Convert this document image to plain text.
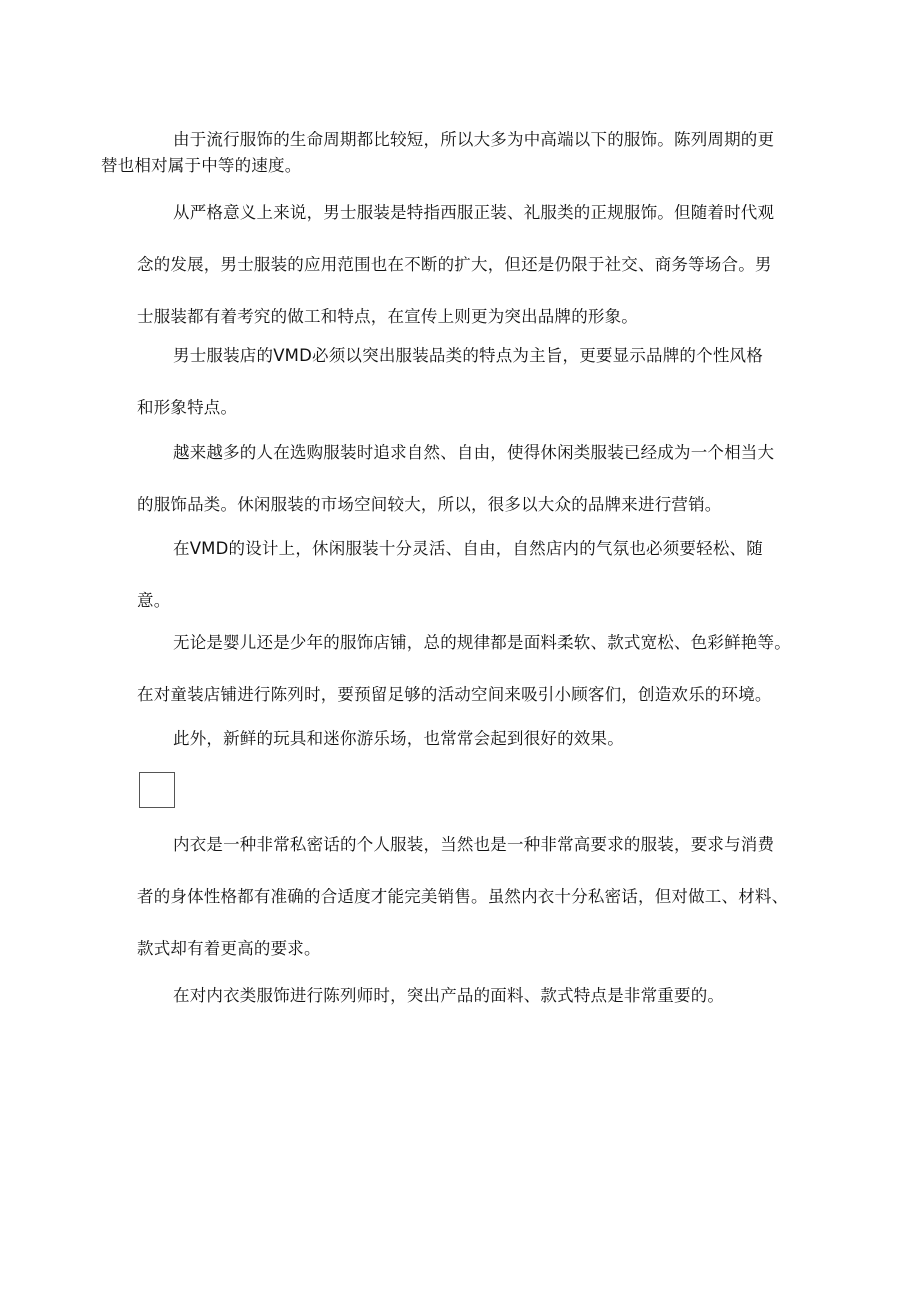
由于流行服饰的生命周期都比较短，所以大多为中高端以下的服饰。陈列周期的更
替也相对属于中等的速度。

从严格意义上来说，男士服装是特指西服正装、礼服类的正规服饰。但随着时代观
念的发展，男士服装的应用范围也在不断的扩大，但还是仍限于社交、商务等场合。男
士服装都有着考究的做工和特点，在宣传上则更为突出品牌的形象。

男士服装店的VMD必须以突出服装品类的特点为主旨，更要显示品牌的个性风格
和形象特点。

越来越多的人在选购服装时追求自然、自由，使得休闲类服装已经成为一个相当大
的服饰品类。休闲服装的市场空间较大，所以，很多以大众的品牌来进行营销。

在VMD的设计上，休闲服装十分灵活、自由，自然店内的气氛也必须要轻松、随
意。

无论是婴儿还是少年的服饰店铺，总的规律都是面料柔软、款式宽松、色彩鲜艳等。
在对童装店铺进行陈列时，要预留足够的活动空间来吸引小顾客们，创造欢乐的环境。

此外，新鲜的玩具和迷你游乐场，也常常会起到很好的效果。

内衣是一种非常私密话的个人服装，当然也是一种非常高要求的服装，要求与消费
者的身体性格都有准确的合适度才能完美销售。虽然内衣十分私密话，但对做工、材料、
款式却有着更高的要求。

在对内衣类服饰进行陈列师时，突出产品的面料、款式特点是非常重要的。
